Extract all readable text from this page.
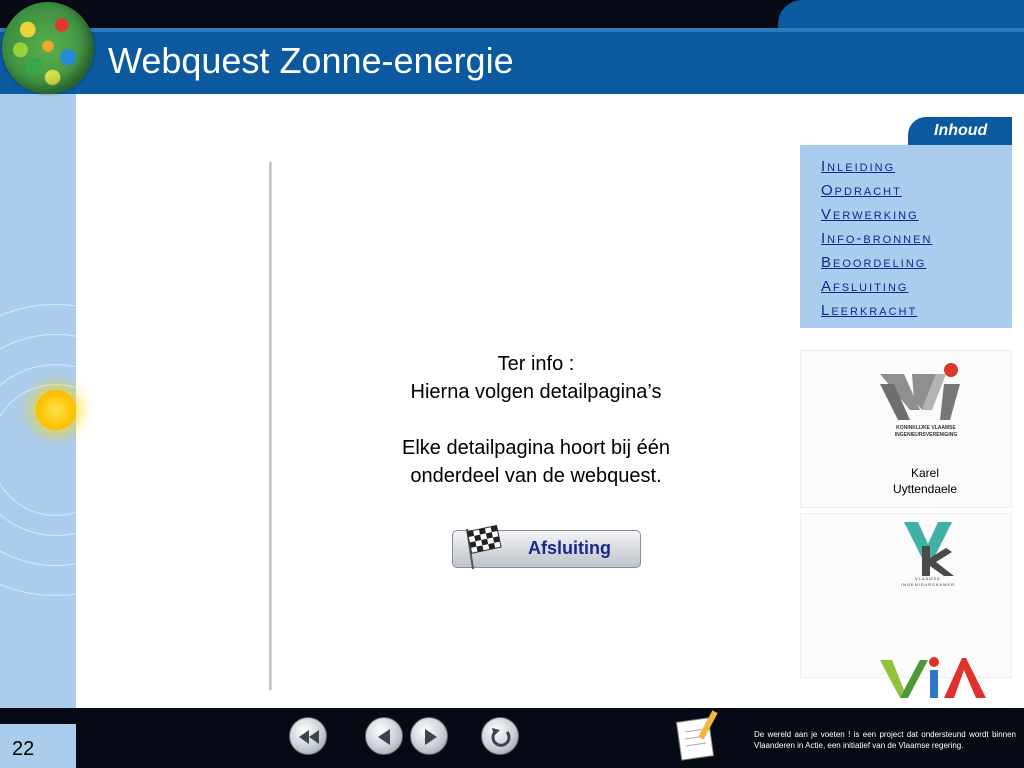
Webquest Zonne-energie
Ter info :
Hierna volgen detailpagina’s
Elke detailpagina hoort bij één
onderdeel van de webquest.
Afsluiting
Inhoud
Inleiding
Opdracht
Verwerking
Info-bronnen
Beoordeling
Afsluiting
Leerkracht
KONINKLIJKE VLAAMSE INGENIEURSVERENIGING
Karel
Uyttendaele
VLAAMSE INGENIEURSKAMER
22
De wereld aan je voeten ! is een project dat ondersteund wordt binnen Vlaanderen in Actie, een initiatief van de Vlaamse regering.
